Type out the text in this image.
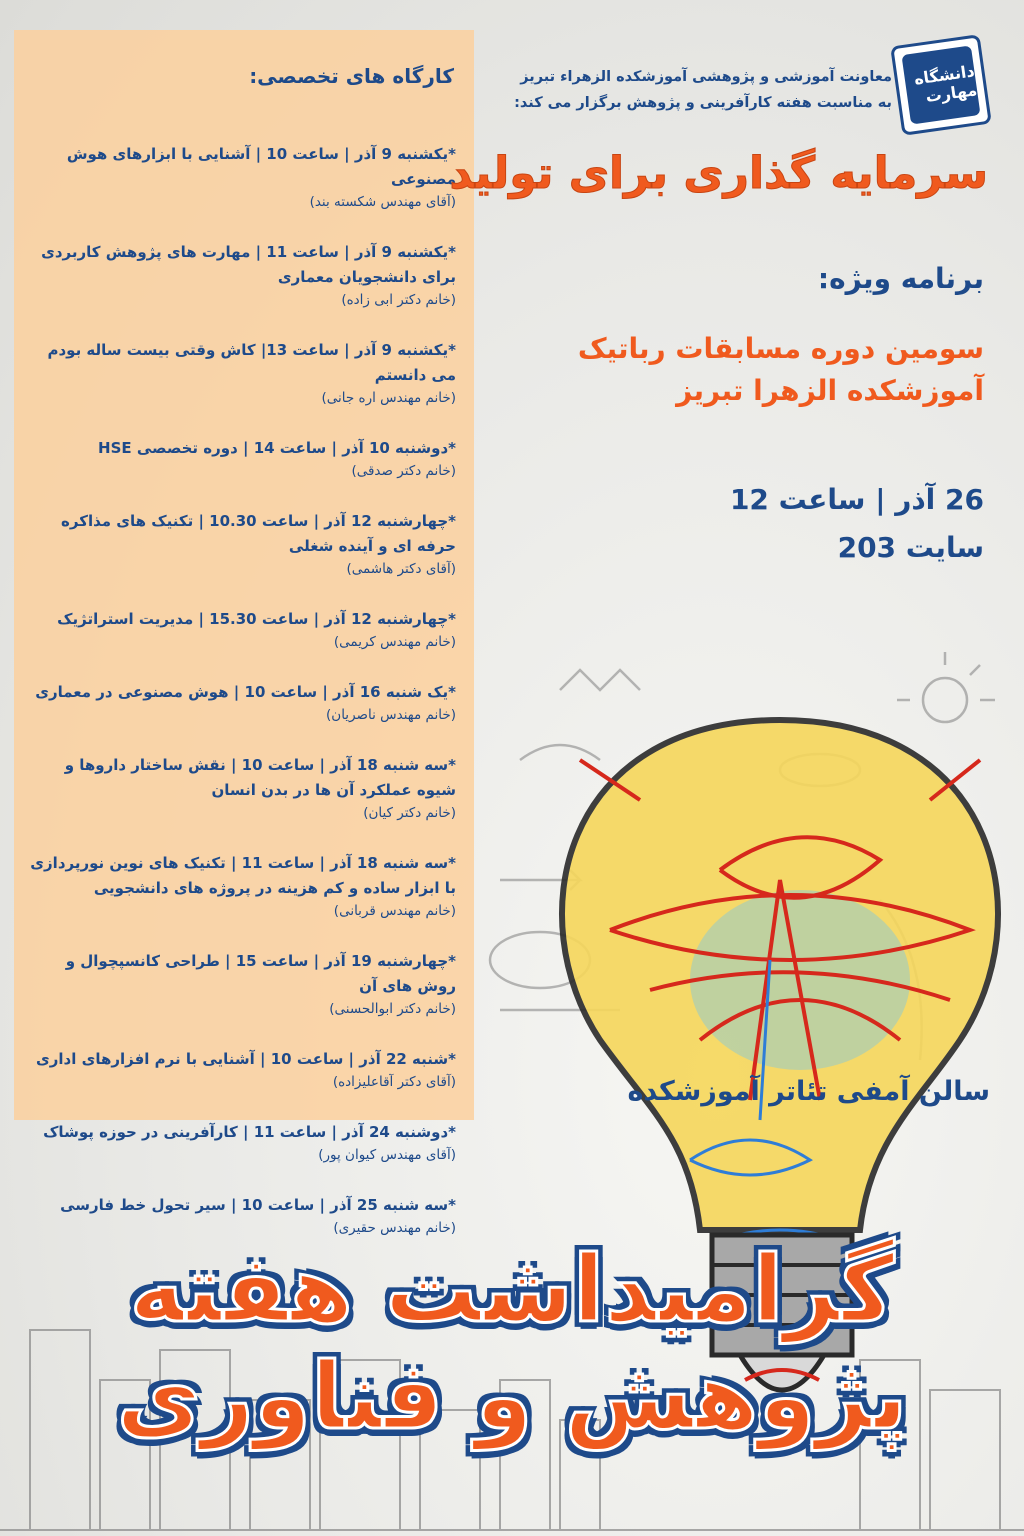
کارگاه های تخصصی:
*یکشنبه 9 آذر | ساعت 10 | آشنایی با ابزارهای هوش مصنوعی
(آقای مهندس شکسته بند)
*یکشنبه 9 آذر | ساعت 11 | مهارت های پژوهش کاربردی برای دانشجویان معماری
(خانم دکتر ابی زاده)
*یکشنبه 9 آذر | ساعت 13| کاش وقتی بیست ساله بودم می دانستم
(خانم مهندس اره جانی)
*دوشنبه 10 آذر | ساعت 14 | دوره تخصصی HSE
(خانم دکتر صدقی)
*چهارشنبه 12 آذر | ساعت 10.30 | تکنیک های مذاکره حرفه ای و آینده شغلی
(آقای دکتر هاشمی)
*چهارشنبه 12 آذر | ساعت 15.30 | مدیریت استراتژیک
(خانم مهندس کریمی)
*یک شنبه 16 آذر | ساعت 10 | هوش مصنوعی در معماری
(خانم مهندس ناصریان)
*سه شنبه 18 آذر | ساعت 10 | نقش ساختار داروها و شیوه عملکرد آن ها در بدن انسان
(خانم دکتر کیان)
*سه شنبه 18 آذر | ساعت 11 | تکنیک های نوین نورپردازی با ابزار ساده و کم هزینه در پروژه های دانشجویی
(خانم مهندس قربانی)
*چهارشنبه 19 آذر | ساعت 15 | طراحی کانسپچوال و روش های آن
(خانم دکتر ابوالحسنی)
*شنبه 22 آذر | ساعت 10 | آشنایی با نرم افزارهای اداری
(آقای دکتر آقاعلیزاده)
*دوشنبه 24 آذر | ساعت 11 | کارآفرینی در حوزه پوشاک
(آقای مهندس کیوان پور)
*سه شنبه 25 آذر | ساعت 10 | سیر تحول خط فارسی
(خانم مهندس حقیری)
سالن آمفی تئاتر آموزشکده
دانشگاه مهارت
معاونت آموزشی و پژوهشی آموزشکده الزهراء تبریز
به مناسبت هفته کارآفرینی و پژوهش برگزار می کند:
سرمایه گذاری برای تولید
برنامه ویژه:
سومین دوره مسابقات رباتیک
آموزشکده الزهرا تبریز
26 آذر | ساعت 12
سایت 203
گرامیداشت هفته پژوهش و فناوری
